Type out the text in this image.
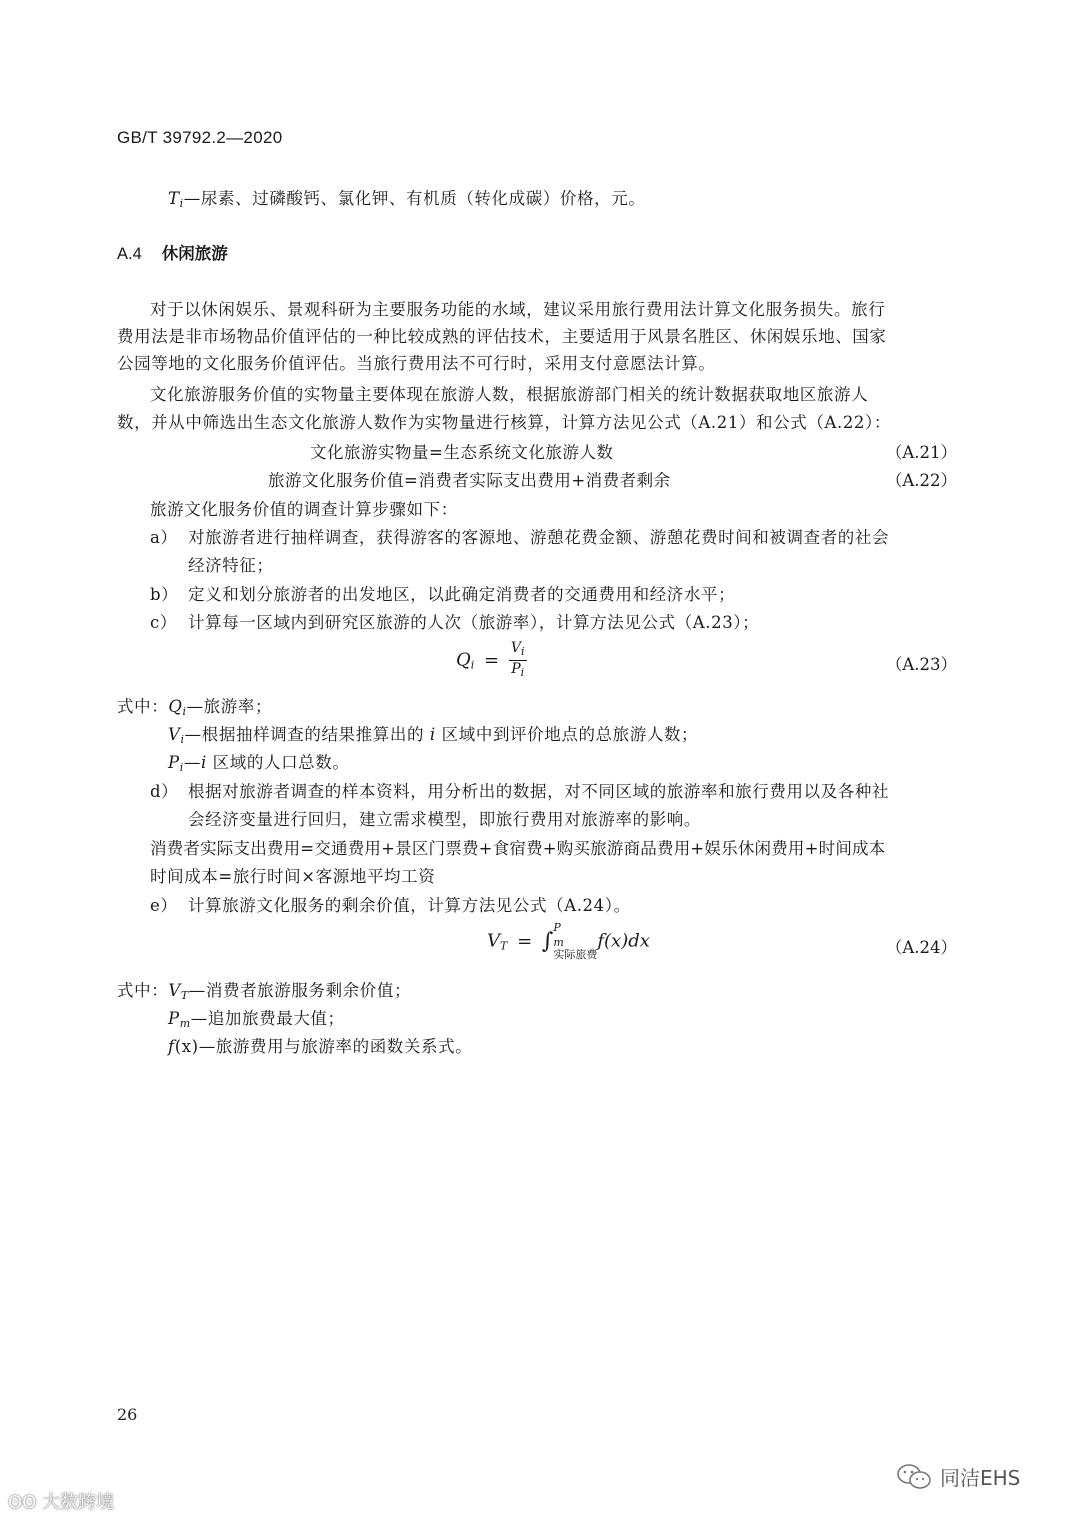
GB/T 39792.2—2020
$T_i—$尿素、过磷酸钙、氯化钾、有机质（转化成碳）价格，元。
A.4 休闲旅游
对于以休闲娱乐、景观科研为主要服务功能的水域，建议采用旅行费用法计算文化服务损失。旅行
费用法是非市场物品价值评估的一种比较成熟的评估技术，主要适用于风景名胜区、休闲娱乐地、国家
公园等地的文化服务价值评估。当旅行费用法不可行时，采用支付意愿法计算。
文化旅游服务价值的实物量主要体现在旅游人数，根据旅游部门相关的统计数据获取地区旅游人
数，并从中筛选出生态文化旅游人数作为实物量进行核算，计算方法见公式（A.21）和公式（A.22）：
文化旅游实物量=生态系统文化旅游人数	（A.21）
旅游文化服务价值=消费者实际支出费用+消费者剩余	（A.22）
旅游文化服务价值的调查计算步骤如下：
a） 对旅游者进行抽样调查，获得游客的客源地、游憩花费金额、游憩花费时间和被调查者的社会
经济特征；
b） 定义和划分旅游者的出发地区，以此确定消费者的交通费用和经济水平；
c） 计算每一区域内到研究区旅游的人次（旅游率），计算方法见公式（A.23）；
$Q_i = \frac{V_i}{P_i}$	（A.23）
式中：$Q_i—$旅游率；
$V_i—$根据抽样调查的结果推算出的 i 区域中到评价地点的总旅游人数；
$P_i—i$ 区域的人口总数。
d） 根据对旅游者调查的样本资料，用分析出的数据，对不同区域的旅游率和旅行费用以及各种社
会经济变量进行回归，建立需求模型，即旅行费用对旅游率的影响。
消费者实际支出费用=交通费用+景区门票费+食宿费+购买旅游商品费用+娱乐休闲费用+时间成本
时间成本=旅行时间×客源地平均工资
e） 计算旅游文化服务的剩余价值，计算方法见公式（A.24）。
$V_T$ = ∫
P
$_m$
实际旅费
f(x)dx	（A.24）
式中：$V_T—$消费者旅游服务剩余价值；
$P_m—$追加旅费最大值；
f(x)—旅游费用与旅游率的函数关系式。
26
ʘʘ 大数跨境
同洁EHS
